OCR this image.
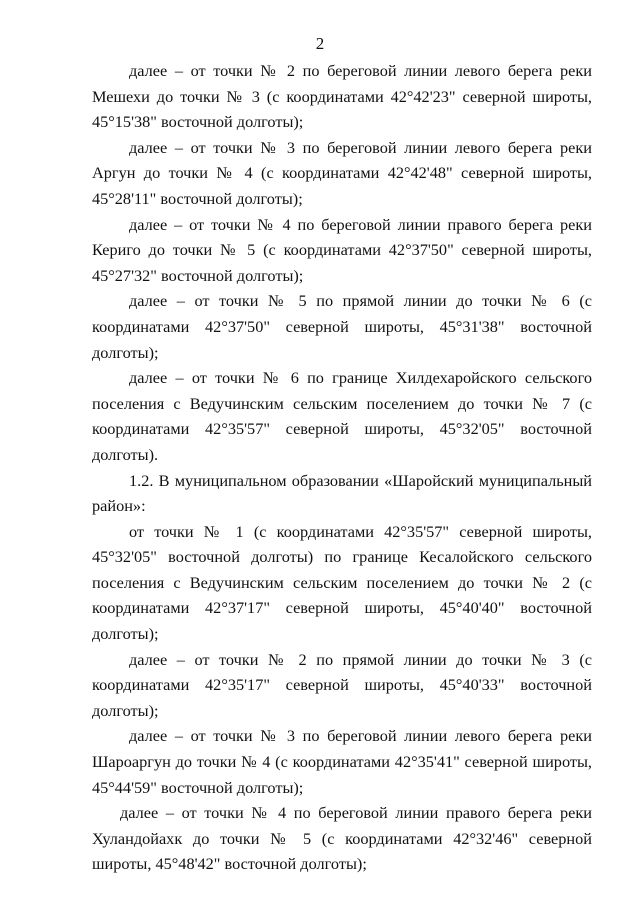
2

далее – от точки № 2 по береговой линии левого берега реки Мешехи до точки № 3 (с координатами 42°42'23" северной широты, 45°15'38" восточной долготы);

далее – от точки № 3 по береговой линии левого берега реки Аргун до точки № 4 (с координатами 42°42'48" северной широты, 45°28'11" восточной долготы);

далее – от точки № 4 по береговой линии правого берега реки Кериго до точки № 5 (с координатами 42°37'50" северной широты, 45°27'32" восточной долготы);

далее – от точки № 5 по прямой линии до точки № 6 (с координатами 42°37'50" северной широты, 45°31'38" восточной долготы);

далее – от точки № 6 по границе Хилдехаройского сельского поселения с Ведучинским сельским поселением до точки № 7 (с координатами 42°35'57" северной широты, 45°32'05" восточной долготы).

1.2. В муниципальном образовании «Шаройский муниципальный район»:

от точки № 1 (с координатами 42°35'57" северной широты, 45°32'05" восточной долготы) по границе Кесалойского сельского поселения с Ведучинским сельским поселением до точки № 2 (с координатами 42°37'17" северной широты, 45°40'40" восточной долготы);

далее – от точки № 2 по прямой линии до точки № 3 (с координатами 42°35'17" северной широты, 45°40'33" восточной долготы);

далее – от точки № 3 по береговой линии левого берега реки Шароаргун до точки № 4 (с координатами 42°35'41" северной широты, 45°44'59" восточной долготы);

далее – от точки № 4 по береговой линии правого берега реки Хуландойахк до точки № 5 (с координатами 42°32'46" северной широты, 45°48'42" восточной долготы);
